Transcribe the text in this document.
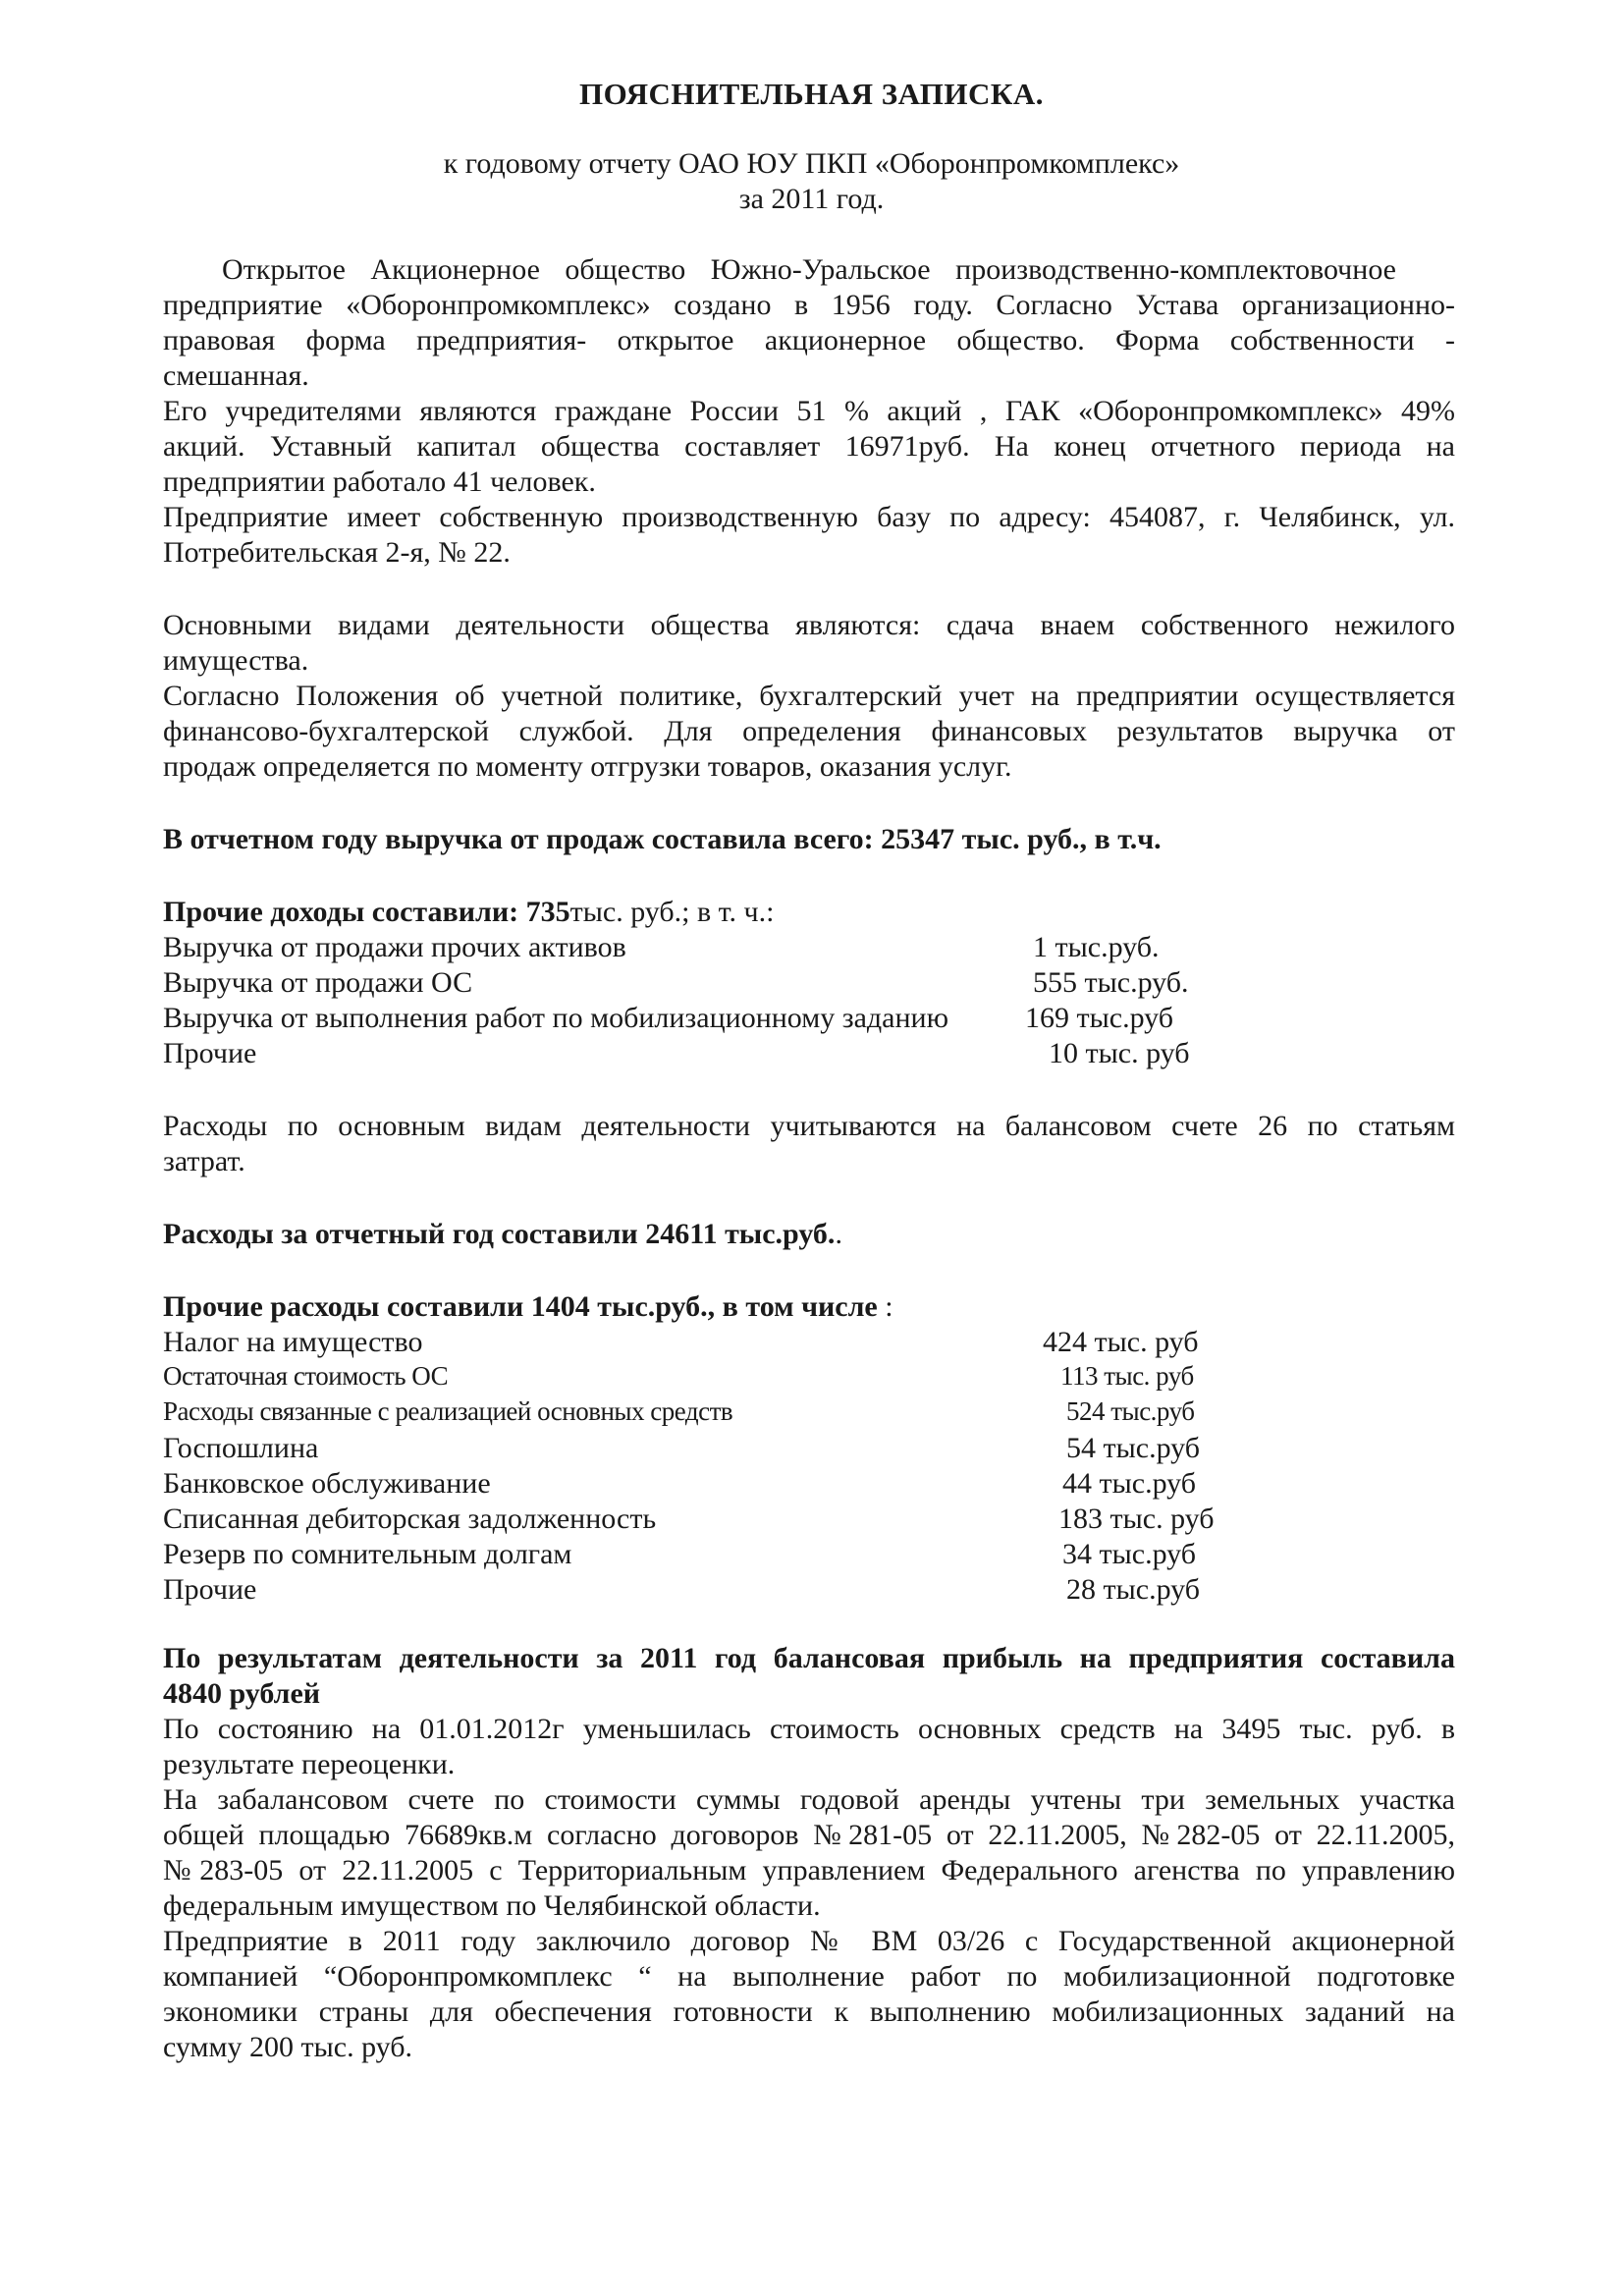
ПОЯСНИТЕЛЬНАЯ ЗАПИСКА.
к годовому отчету ОАО ЮУ ПКП «Оборонпромкомплекс»
за 2011 год.
Открытое Акционерное общество Южно-Уральское производственно-комплектовочное
предприятие «Оборонпромкомплекс» создано в 1956 году. Согласно Устава организационно-
правовая форма предприятия- открытое акционерное общество. Форма собственности -
смешанная.
Его учредителями являются граждане России 51 % акций , ГАК «Оборонпромкомплекс» 49%
акций. Уставный капитал общества составляет 16971руб. На конец отчетного периода на
предприятии работало 41 человек.
Предприятие имеет собственную производственную базу по адресу: 454087, г. Челябинск, ул.
Потребительская 2-я, № 22.
Основными видами деятельности общества являются: сдача внаем собственного нежилого
имущества.
Согласно Положения об учетной политике, бухгалтерский учет на предприятии осуществляется
финансово-бухгалтерской службой. Для определения финансовых результатов выручка от
продаж определяется по моменту отгрузки товаров, оказания услуг.
В отчетном году выручка от продаж составила всего: 25347 тыс. руб., в т.ч.
Прочие доходы составили: 735тыс. руб.; в т. ч.:
Выручка от продажи прочих активов	1 тыс.руб.
Выручка от продажи ОС	555 тыс.руб.
Выручка от выполнения работ по мобилизационному заданию	169 тыс.руб
Прочие	10 тыс. руб
Расходы по основным видам деятельности учитываются на балансовом счете 26 по статьям
затрат.
Расходы за отчетный год составили 24611 тыс.руб..
Прочие расходы составили 1404 тыс.руб., в том числе :
Налог на имущество	424 тыс. руб
Остаточная стоимость ОС	113 тыс. руб
Расходы связанные с реализацией основных средств	524 тыс.руб
Госпошлина	54 тыс.руб
Банковское обслуживание	44 тыс.руб
Списанная дебиторская задолженность	183 тыс. руб
Резерв по сомнительным долгам	34 тыс.руб
Прочие	28 тыс.руб
По результатам деятельности за 2011 год балансовая прибыль на предприятия составила
4840 рублей
По состоянию на 01.01.2012г уменьшилась стоимость основных средств на 3495 тыс. руб. в
результате переоценки.
На забалансовом счете по стоимости суммы годовой аренды учтены три земельных участка
общей площадью 76689кв.м согласно договоров №281-05 от 22.11.2005, №282-05 от 22.11.2005,
№283-05 от 22.11.2005 с Территориальным управлением Федерального агенства по управлению
федеральным имуществом по Челябинской области.
Предприятие в 2011 году заключило договор № ВМ 03/26 с Государственной акционерной
компанией “Оборонпромкомплекс “ на выполнение работ по мобилизационной подготовке
экономики страны для обеспечения готовности к выполнению мобилизационных заданий на
сумму 200 тыс. руб.
